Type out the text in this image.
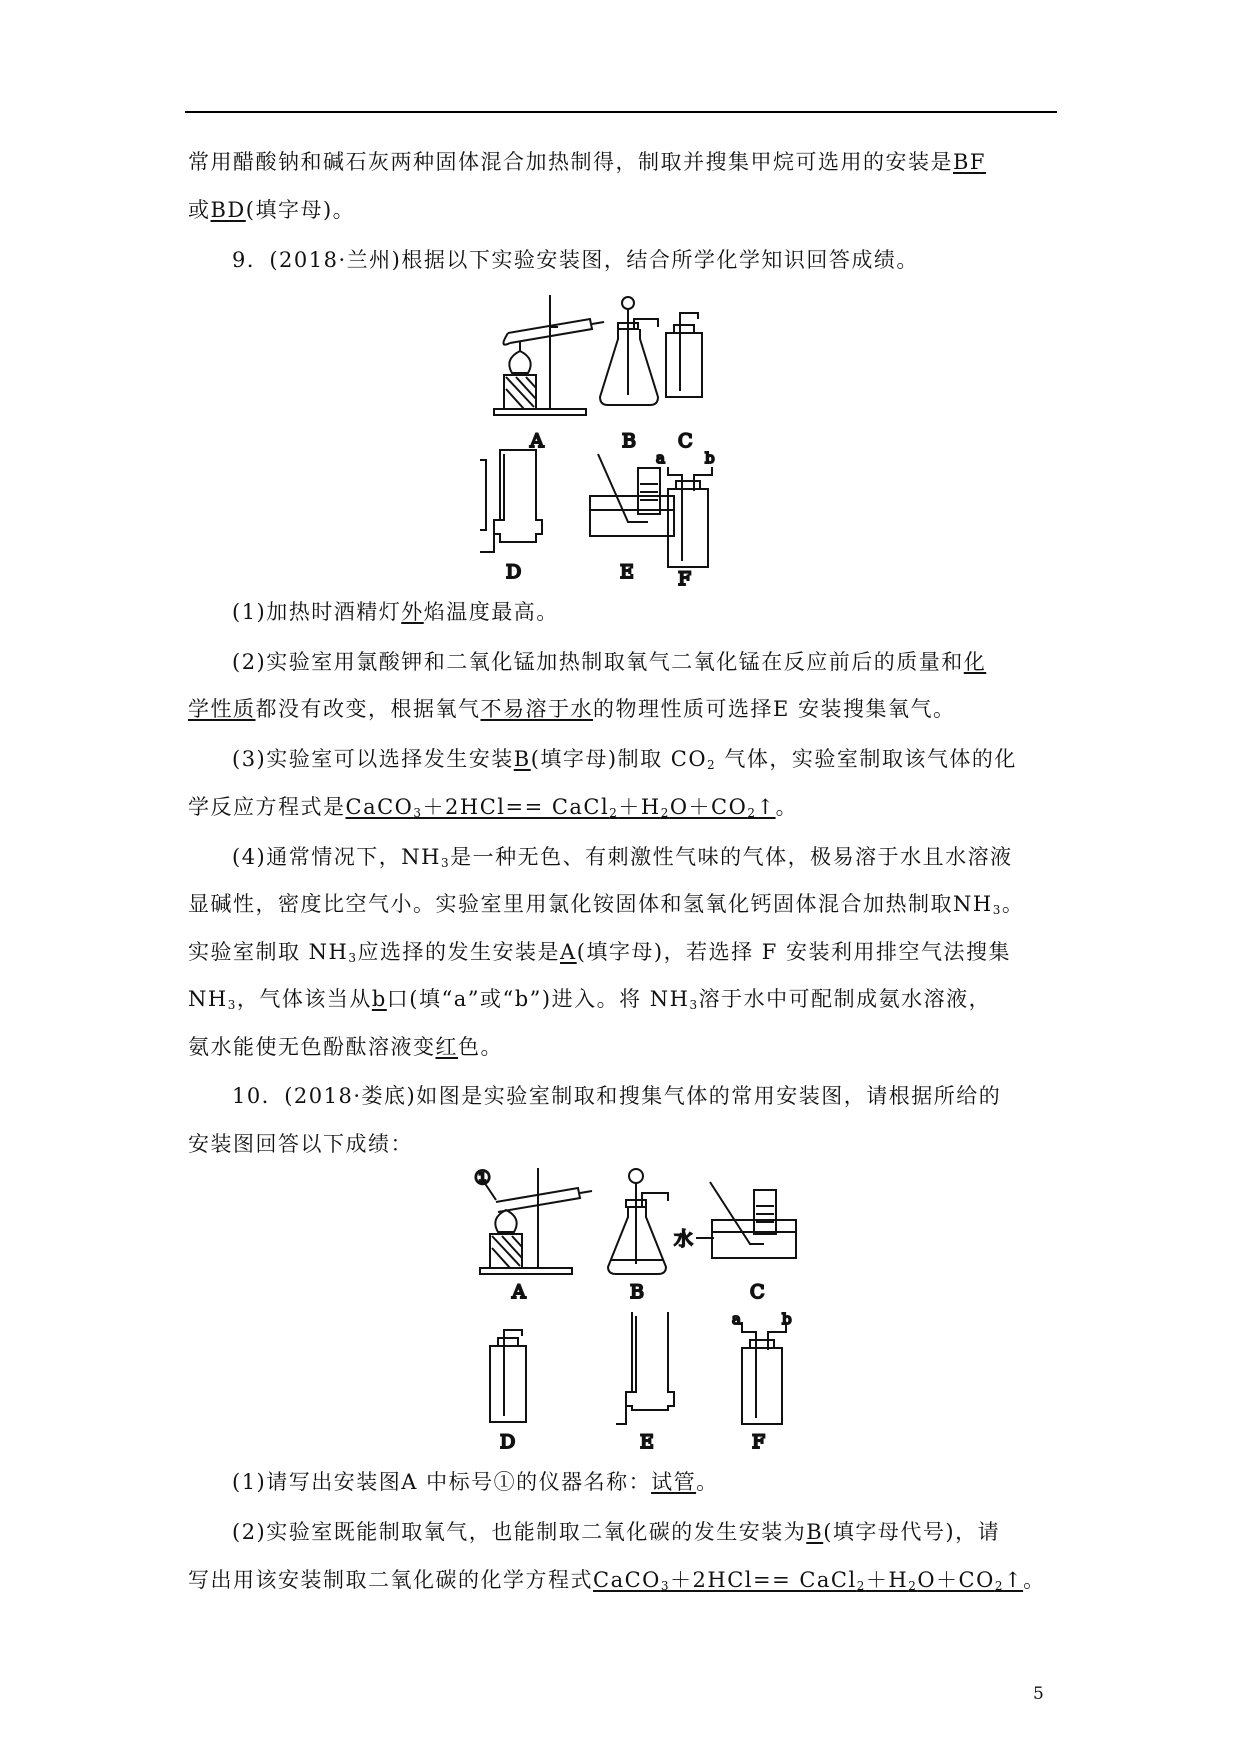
常用醋酸钠和碱石灰两种固体混合加热制得，制取并搜集甲烷可选用的安装是BF
或BD(填字母)。
9．(2018·兰州)根据以下实验安装图，结合所学化学知识回答成绩。
A	B C
F
a	b
D	E
(1)加热时酒精灯外焰温度最高。
(2)实验室用氯酸钾和二氧化锰加热制取氧气二氧化锰在反应前后的质量和化
学性质都没有改变，根据氧气不易溶于水的物理性质可选择E 安装搜集氧气。
(3)实验室可以选择发生安装B(填字母)制取 $CO_2$ 气体，实验室制取该气体的化
学反应方程式是CaCO$_3$＋2HCl== $CaCl_2+H_2O+CO_2↑$。
(4)通常情况下，$NH_3$是一种无色、有刺激性气味的气体，极易溶于水且水溶液
显碱性，密度比空气小。实验室里用氯化铵固体和氢氧化钙固体混合加热制取$NH_3$。
实验室制取 $NH_3$应选择的发生安装是A(填字母)，若选择 F 安装利用排空气法搜集
$NH_3$，气体该当从b口(填“a”或“b”)进入。将 $NH_3$溶于水中可配制成氨水溶液，
氨水能使无色酚酞溶液变红色。
10．(2018·娄底)如图是实验室制取和搜集气体的常用安装图，请根据所给的
安装图回答以下成绩：
①
A	B
水
C
D	E
a	b
F
(1)请写出安装图A 中标号①的仪器名称：试管。
(2)实验室既能制取氧气，也能制取二氧化碳的发生安装为B(填字母代号)，请
写出用该安装制取二氧化碳的化学方程式CaCO$_3$＋2HCl== $CaCl_2+H_2O+CO_2↑$。
5
